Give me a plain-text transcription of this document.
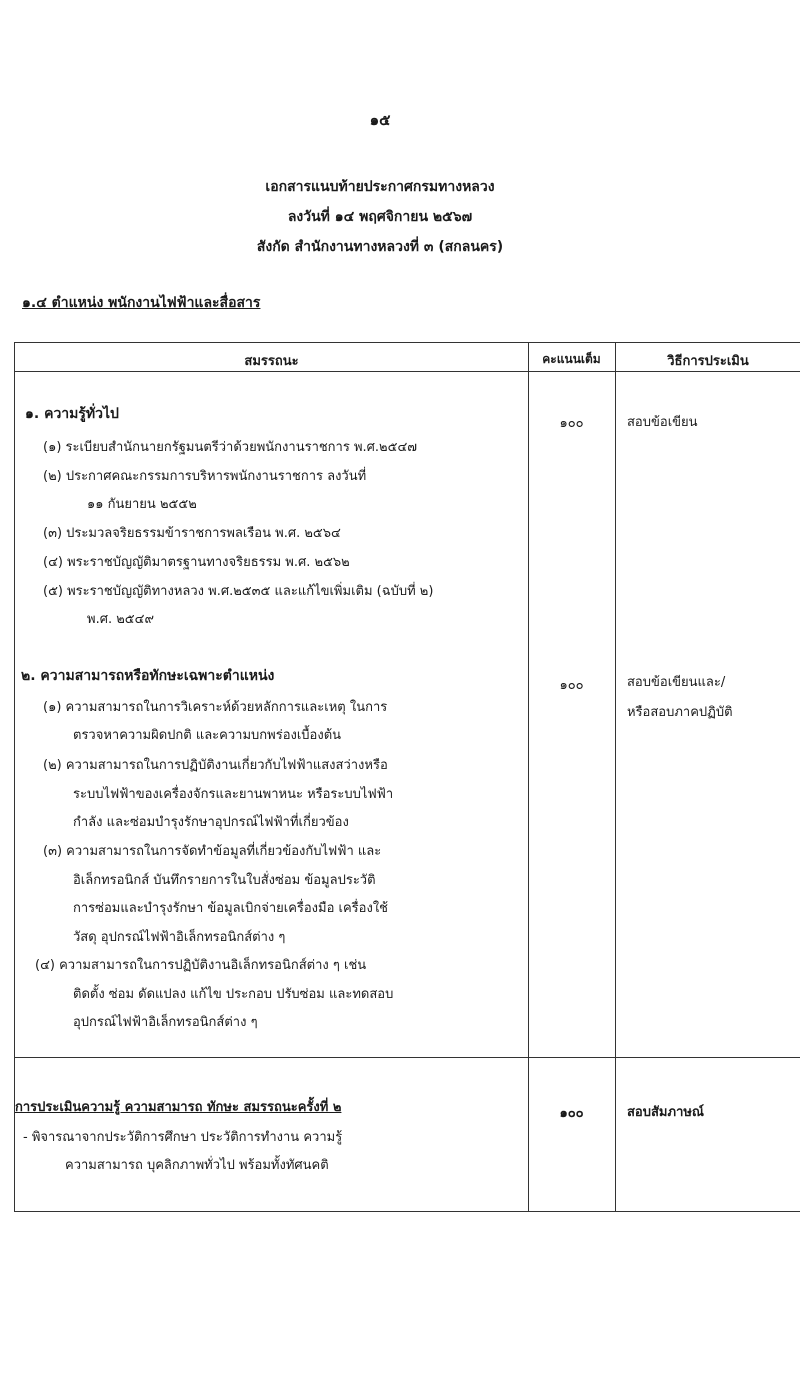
๑๕
เอกสารแนบท้ายประกาศกรมทางหลวง
ลงวันที่ ๑๔ พฤศจิกายน ๒๕๖๗
สังกัด สำนักงานทางหลวงที่ ๓ (สกลนคร)
๑.๔ ตำแหน่ง พนักงานไฟฟ้าและสื่อสาร
สมรรถนะ	คะแนนเต็ม	วิธีการประเมิน
๑. ความรู้ทั่วไป
(๑) ระเบียบสำนักนายกรัฐมนตรีว่าด้วยพนักงานราชการ พ.ศ.๒๕๔๗
(๒) ประกาศคณะกรรมการบริหารพนักงานราชการ ลงวันที่
๑๑ กันยายน ๒๕๕๒
(๓) ประมวลจริยธรรมข้าราชการพลเรือน พ.ศ. ๒๕๖๔
(๔) พระราชบัญญัติมาตรฐานทางจริยธรรม พ.ศ. ๒๕๖๒
(๕) พระราชบัญญัติทางหลวง พ.ศ.๒๕๓๕ และแก้ไขเพิ่มเติม (ฉบับที่ ๒)
พ.ศ. ๒๕๔๙
๑๐๐	สอบข้อเขียน
๒. ความสามารถหรือทักษะเฉพาะตำแหน่ง
(๑) ความสามารถในการวิเคราะห์ด้วยหลักการและเหตุ ในการ
ตรวจหาความผิดปกติ และความบกพร่องเบื้องต้น
(๒) ความสามารถในการปฏิบัติงานเกี่ยวกับไฟฟ้าแสงสว่างหรือ
ระบบไฟฟ้าของเครื่องจักรและยานพาหนะ หรือระบบไฟฟ้า
กำลัง และซ่อมบำรุงรักษาอุปกรณ์ไฟฟ้าที่เกี่ยวข้อง
(๓) ความสามารถในการจัดทำข้อมูลที่เกี่ยวข้องกับไฟฟ้า และ
อิเล็กทรอนิกส์ บันทึกรายการในใบสั่งซ่อม ข้อมูลประวัติ
การซ่อมและบำรุงรักษา ข้อมูลเบิกจ่ายเครื่องมือ เครื่องใช้
วัสดุ อุปกรณ์ไฟฟ้าอิเล็กทรอนิกส์ต่าง ๆ
(๔) ความสามารถในการปฏิบัติงานอิเล็กทรอนิกส์ต่าง ๆ เช่น
ติดตั้ง ซ่อม ดัดแปลง แก้ไข ประกอบ ปรับซ่อม และทดสอบ
อุปกรณ์ไฟฟ้าอิเล็กทรอนิกส์ต่าง ๆ
๑๐๐	สอบข้อเขียนและ/
หรือสอบภาคปฏิบัติ
การประเมินความรู้ ความสามารถ ทักษะ สมรรถนะครั้งที่ ๒
- พิจารณาจากประวัติการศึกษา ประวัติการทำงาน ความรู้
ความสามารถ บุคลิกภาพทั่วไป พร้อมทั้งทัศนคติ
๑๐๐	สอบสัมภาษณ์
